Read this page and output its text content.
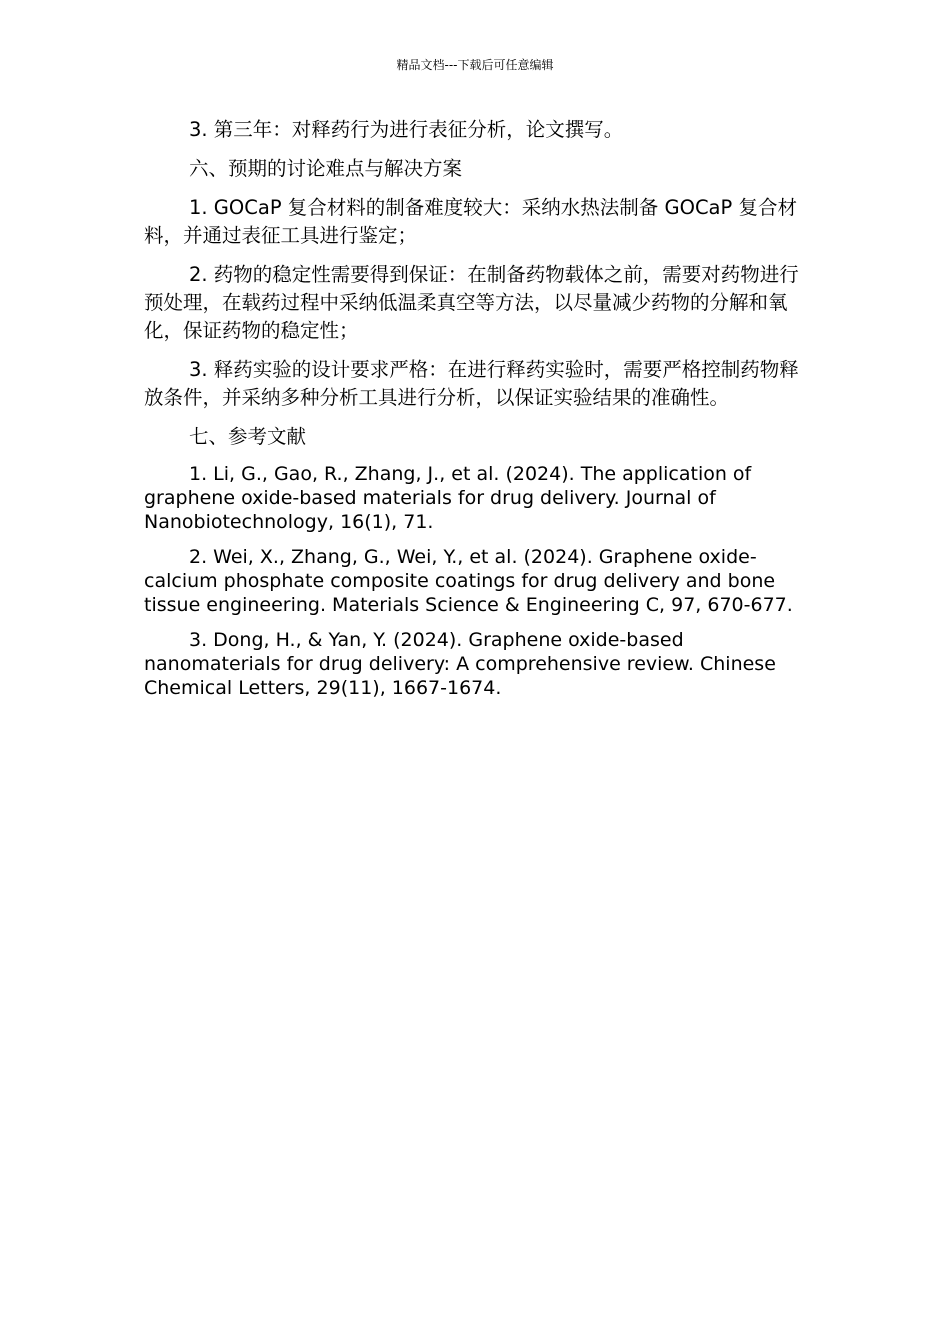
精品文档---下载后可任意编辑

3. 第三年：对释药行为进行表征分析，论文撰写。

六、预期的讨论难点与解决方案

1. GOCaP 复合材料的制备难度较大：采纳水热法制备 GOCaP 复合材料，并通过表征工具进行鉴定；

2. 药物的稳定性需要得到保证：在制备药物载体之前，需要对药物进行预处理，在载药过程中采纳低温柔真空等方法，以尽量减少药物的分解和氧化，保证药物的稳定性；

3. 释药实验的设计要求严格：在进行释药实验时，需要严格控制药物释放条件，并采纳多种分析工具进行分析，以保证实验结果的准确性。

七、参考文献

1. Li, G., Gao, R., Zhang, J., et al. (2024). The application of graphene oxide-based materials for drug delivery. Journal of Nanobiotechnology, 16(1), 71.

2. Wei, X., Zhang, G., Wei, Y., et al. (2024). Graphene oxide-calcium phosphate composite coatings for drug delivery and bone tissue engineering. Materials Science & Engineering C, 97, 670-677.

3. Dong, H., & Yan, Y. (2024). Graphene oxide-based nanomaterials for drug delivery: A comprehensive review. Chinese Chemical Letters, 29(11), 1667-1674.
